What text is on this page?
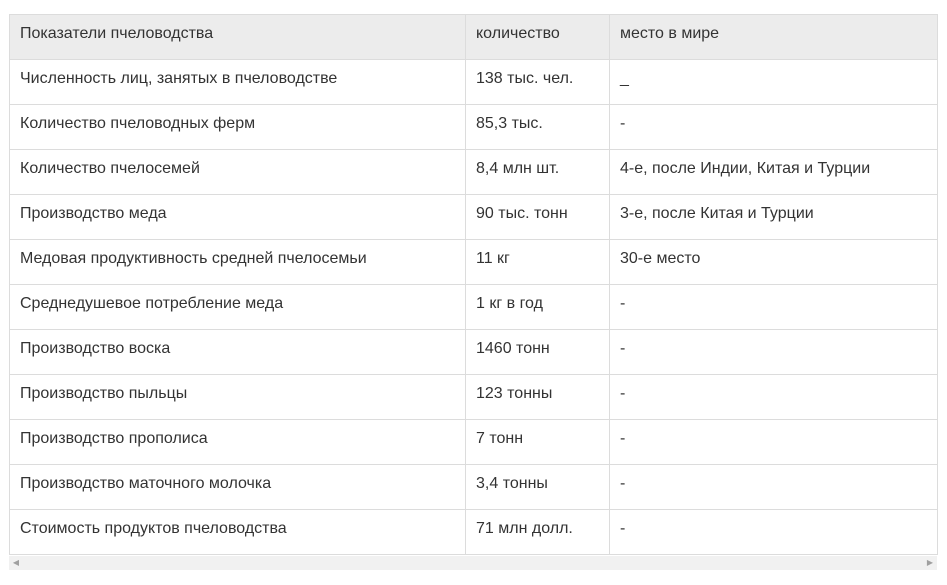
Показатели пчеловодства	количество	место в мире
Численность лиц, занятых в пчеловодстве	138 тыс. чел.	_
Количество пчеловодных ферм	85,3 тыс.	-
Количество пчелосемей	8,4 млн шт.	4-е, после Индии, Китая и Турции
Производство меда	90 тыс. тонн	3-е, после Китая и Турции
Медовая продуктивность средней пчелосемьи	11 кг	30-е место
Среднедушевое потребление меда	1 кг в год	-
Производство воска	1460 тонн	-
Производство пыльцы	123 тонны	-
Производство прополиса	7 тонн	-
Производство маточного молочка	3,4 тонны	-
Стоимость продуктов пчеловодства	71 млн долл.	-
◀	▶
